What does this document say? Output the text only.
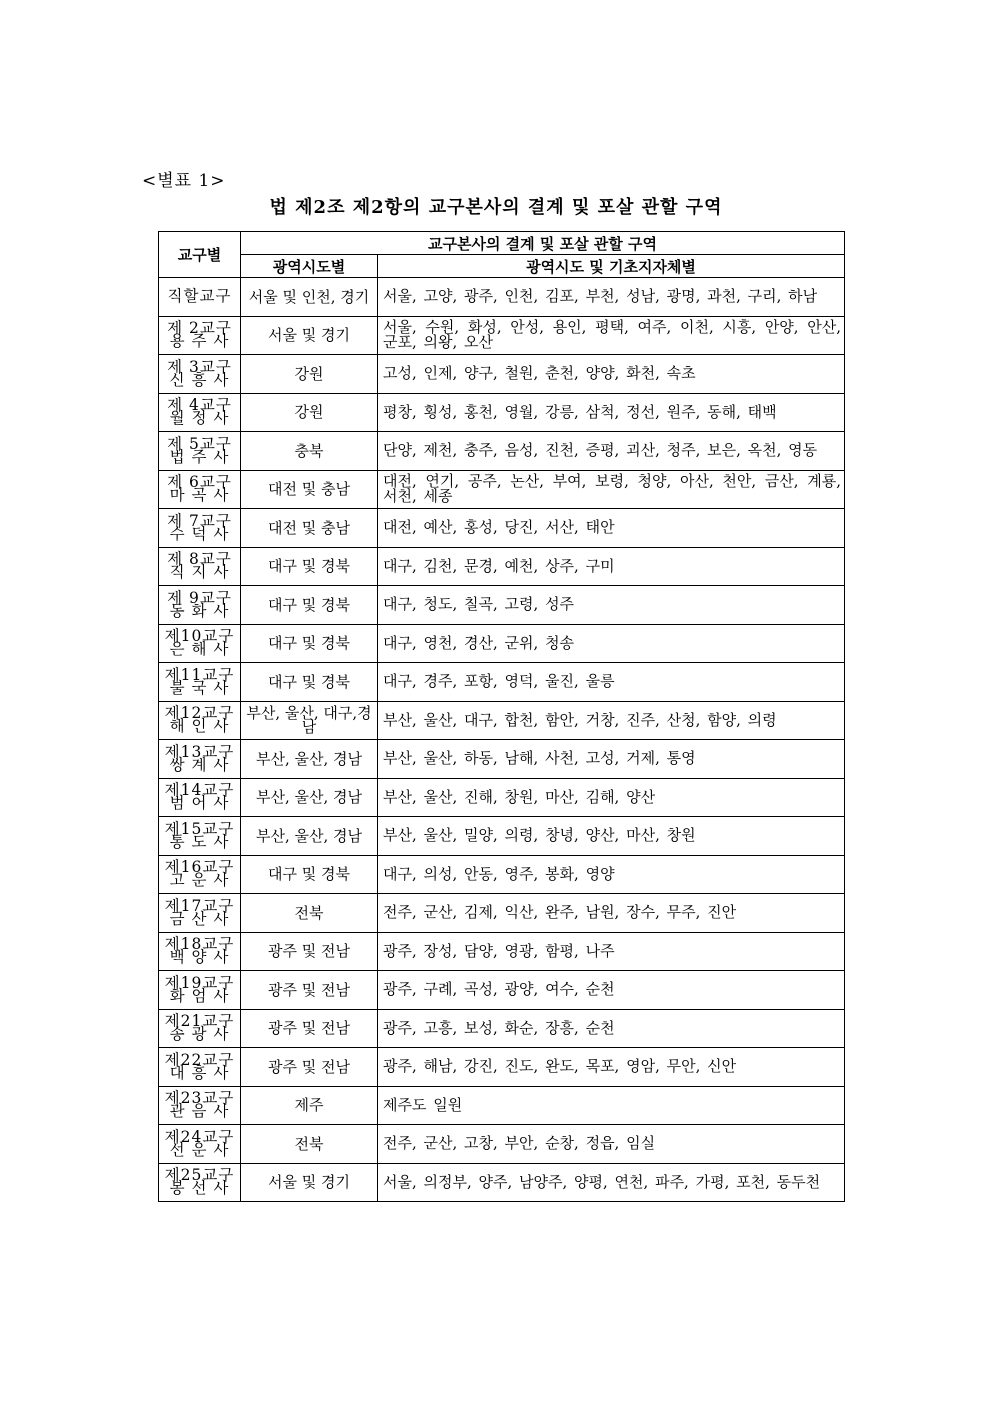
<별표 1>
법 제2조 제2항의 교구본사의 결계 및 포살 관할 구역
교구별	교구본사의 결계 및 포살 관할 구역	
	광역시도별	광역시도 및 기초지자체별

직할교구	서울 및 인천, 경기	서울, 고양, 광주, 인천, 김포, 부천, 성남, 광명, 과천, 구리, 하남

제 2교구
용 주 사	서울 및 경기	서울, 수원, 화성, 안성, 용인, 평택, 여주, 이천, 시흥, 안양, 안산, 군포, 의왕, 오산

제 3교구
신 흥 사	강원	고성, 인제, 양구, 철원, 춘천, 양양, 화천, 속초

제 4교구
월 정 사	강원	평창, 횡성, 홍천, 영월, 강릉, 삼척, 정선, 원주, 동해, 태백

제 5교구
법 주 사	충북	단양, 제천, 충주, 음성, 진천, 증평, 괴산, 청주, 보은, 옥천, 영동

제 6교구
마 곡 사	대전 및 충남	대전, 연기, 공주, 논산, 부여, 보령, 청양, 아산, 천안, 금산, 계룡, 서천, 세종

제 7교구
수 덕 사	대전 및 충남	대전, 예산, 홍성, 당진, 서산, 태안

제 8교구
직 지 사	대구 및 경북	대구, 김천, 문경, 예천, 상주, 구미

제 9교구
동 화 사	대구 및 경북	대구, 청도, 칠곡, 고령, 성주

제10교구
은 해 사	대구 및 경북	대구, 영천, 경산, 군위, 청송

제11교구
불 국 사	대구 및 경북	대구, 경주, 포항, 영덕, 울진, 울릉

제12교구
해 인 사	부산, 울산, 대구,경남	부산, 울산, 대구, 합천, 함안, 거창, 진주, 산청, 함양, 의령

제13교구
쌍 계 사	부산, 울산, 경남	부산, 울산, 하동, 남해, 사천, 고성, 거제, 통영

제14교구
범 어 사	부산, 울산, 경남	부산, 울산, 진해, 창원, 마산, 김해, 양산

제15교구
통 도 사	부산, 울산, 경남	부산, 울산, 밀양, 의령, 창녕, 양산, 마산, 창원

제16교구
고 운 사	대구 및 경북	대구, 의성, 안동, 영주, 봉화, 영양

제17교구
금 산 사	전북	전주, 군산, 김제, 익산, 완주, 남원, 장수, 무주, 진안

제18교구
백 양 사	광주 및 전남	광주, 장성, 담양, 영광, 함평, 나주

제19교구
화 엄 사	광주 및 전남	광주, 구례, 곡성, 광양, 여수, 순천

제21교구
송 광 사	광주 및 전남	광주, 고흥, 보성, 화순, 장흥, 순천

제22교구
대 흥 사	광주 및 전남	광주, 해남, 강진, 진도, 완도, 목포, 영암, 무안, 신안

제23교구
관 음 사	제주	제주도 일원

제24교구
선 운 사	전북	전주, 군산, 고창, 부안, 순창, 정읍, 임실

제25교구
봉 선 사	서울 및 경기	서울, 의정부, 양주, 남양주, 양평, 연천, 파주, 가평, 포천, 동두천
